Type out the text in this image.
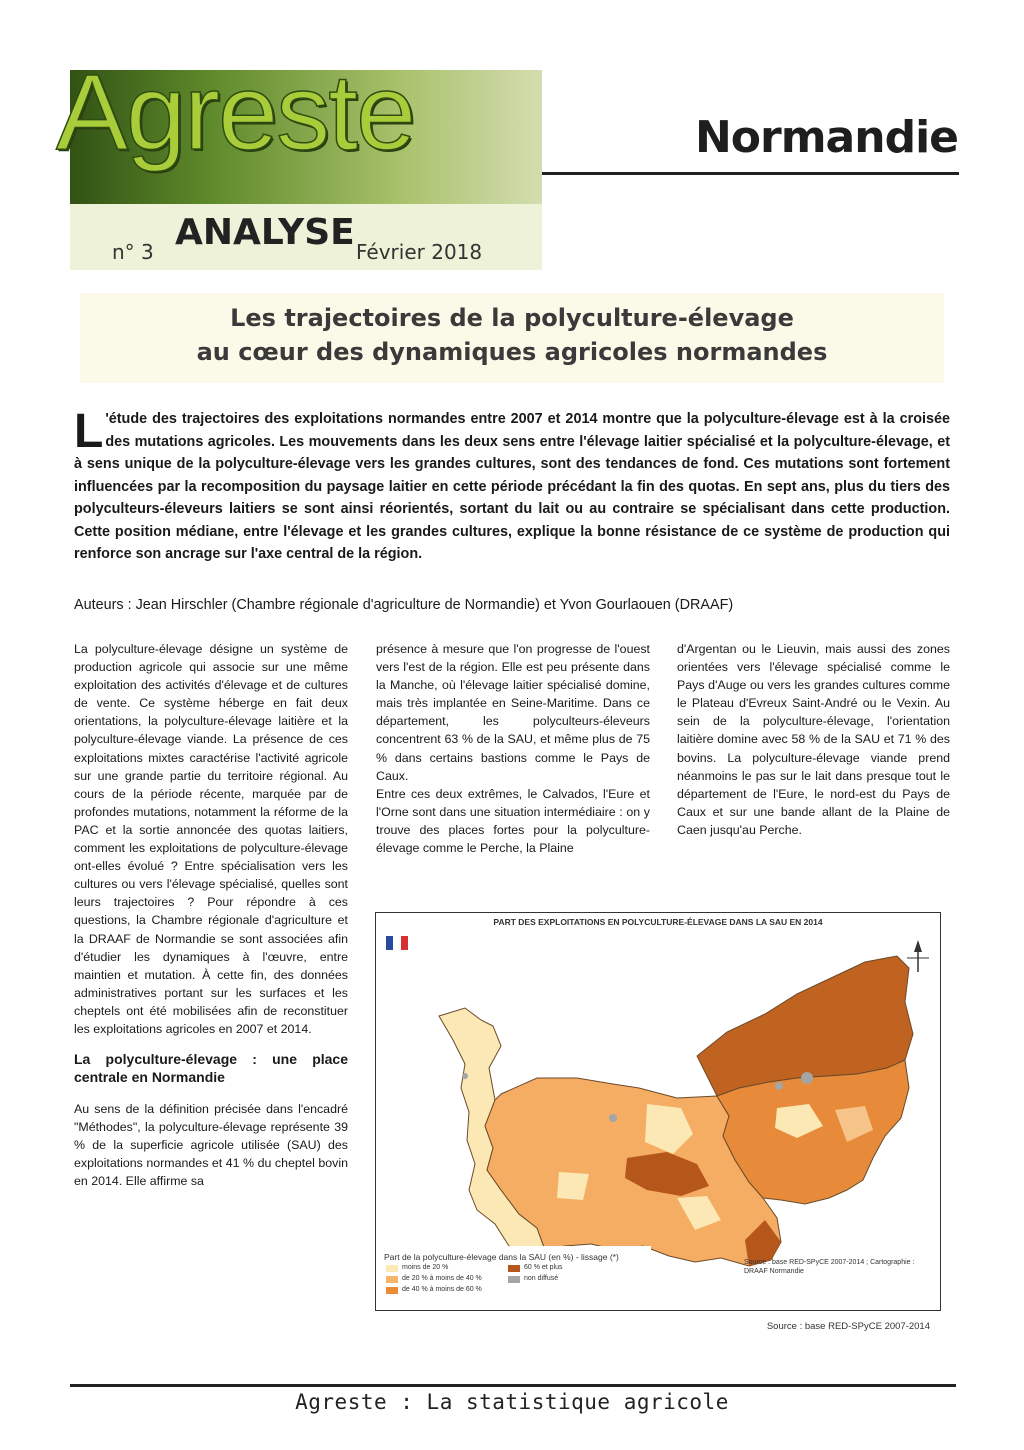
Agreste	Normandie
n° 3 ANALYSE Février 2018
Les trajectoires de la polyculture-élevage
au cœur des dynamiques agricoles normandes
L 'étude des trajectoires des exploitations normandes entre 2007 et 2014 montre que la polyculture-élevage est à la croisée des mutations agricoles. Les mouvements dans les deux sens entre l'élevage laitier spécialisé et la polyculture-élevage, et à sens unique de la polyculture-élevage vers les grandes cultures, sont des tendances de fond. Ces mutations sont fortement influencées par la recomposition du paysage laitier en cette période précédant la fin des quotas. En sept ans, plus du tiers des polyculteurs-éleveurs laitiers se sont ainsi réorientés, sortant du lait ou au contraire se spécialisant dans cette production. Cette position médiane, entre l'élevage et les grandes cultures, explique la bonne résistance de ce système de production qui renforce son ancrage sur l'axe central de la région.
Auteurs : Jean Hirschler (Chambre régionale d'agriculture de Normandie) et Yvon Gourlaouen (DRAAF)

La polyculture-élevage désigne un système de production agricole qui associe sur une même exploitation des activités d'élevage et de cultures de vente. Ce système héberge en fait deux orientations, la polyculture-élevage laitière et la polyculture-élevage viande. La présence de ces exploitations mixtes caractérise l'activité agricole sur une grande partie du territoire régional. Au cours de la période récente, marquée par de profondes mutations, notamment la réforme de la PAC et la sortie annoncée des quotas laitiers, comment les exploitations de polyculture-élevage ont-elles évolué ? Entre spécialisation vers les cultures ou vers l'élevage spécialisé, quelles sont leurs trajectoires ? Pour répondre à ces questions, la Chambre régionale d'agriculture et la DRAAF de Normandie se sont associées afin d'étudier les dynamiques à l'œuvre, entre maintien et mutation. À cette fin, des données administratives portant sur les surfaces et les cheptels ont été mobilisées afin de reconstituer les exploitations agricoles en 2007 et 2014.

La polyculture-élevage : une place centrale en Normandie

Au sens de la définition précisée dans l'encadré "Méthodes", la polyculture-élevage représente 39 % de la superficie agricole utilisée (SAU) des exploitations normandes et 41 % du cheptel bovin en 2014. Elle affirme sa

présence à mesure que l'on progresse de l'ouest vers l'est de la région. Elle est peu présente dans la Manche, où l'élevage laitier spécialisé domine, mais très implantée en Seine-Maritime. Dans ce département, les polyculteurs-éleveurs concentrent 63 % de la SAU, et même plus de 75 % dans certains bastions comme le Pays de Caux.

Entre ces deux extrêmes, le Calvados, l'Eure et l'Orne sont dans une situation intermédiaire : on y trouve des places fortes pour la polyculture-élevage comme le Perche, la Plaine

d'Argentan ou le Lieuvin, mais aussi des zones orientées vers l'élevage spécialisé comme le Pays d'Auge ou vers les grandes cultures comme le Plateau d'Evreux Saint-André ou le Vexin. Au sein de la polyculture-élevage, l'orientation laitière domine avec 58 % de la SAU et 71 % des bovins. La polyculture-élevage viande prend néanmoins le pas sur le lait dans presque tout le département de l'Eure, le nord-est du Pays de Caux et sur une bande allant de la Plaine de Caen jusqu'au Perche.

PART DES EXPLOITATIONS EN POLYCULTURE-ÉLEVAGE DANS LA SAU EN 2014
Part de la polyculture-élevage dans la SAU (en %) - lissage (*)
moins de 20 %
de 20 % à moins de 40 %
de 40 % à moins de 60 %
60 % et plus
non diffusé
Source : base RED-SPyCE 2007-2014 ; Cartographie : DRAAF Normandie
Source : base RED-SPyCE 2007-2014
Agreste : La statistique agricole
